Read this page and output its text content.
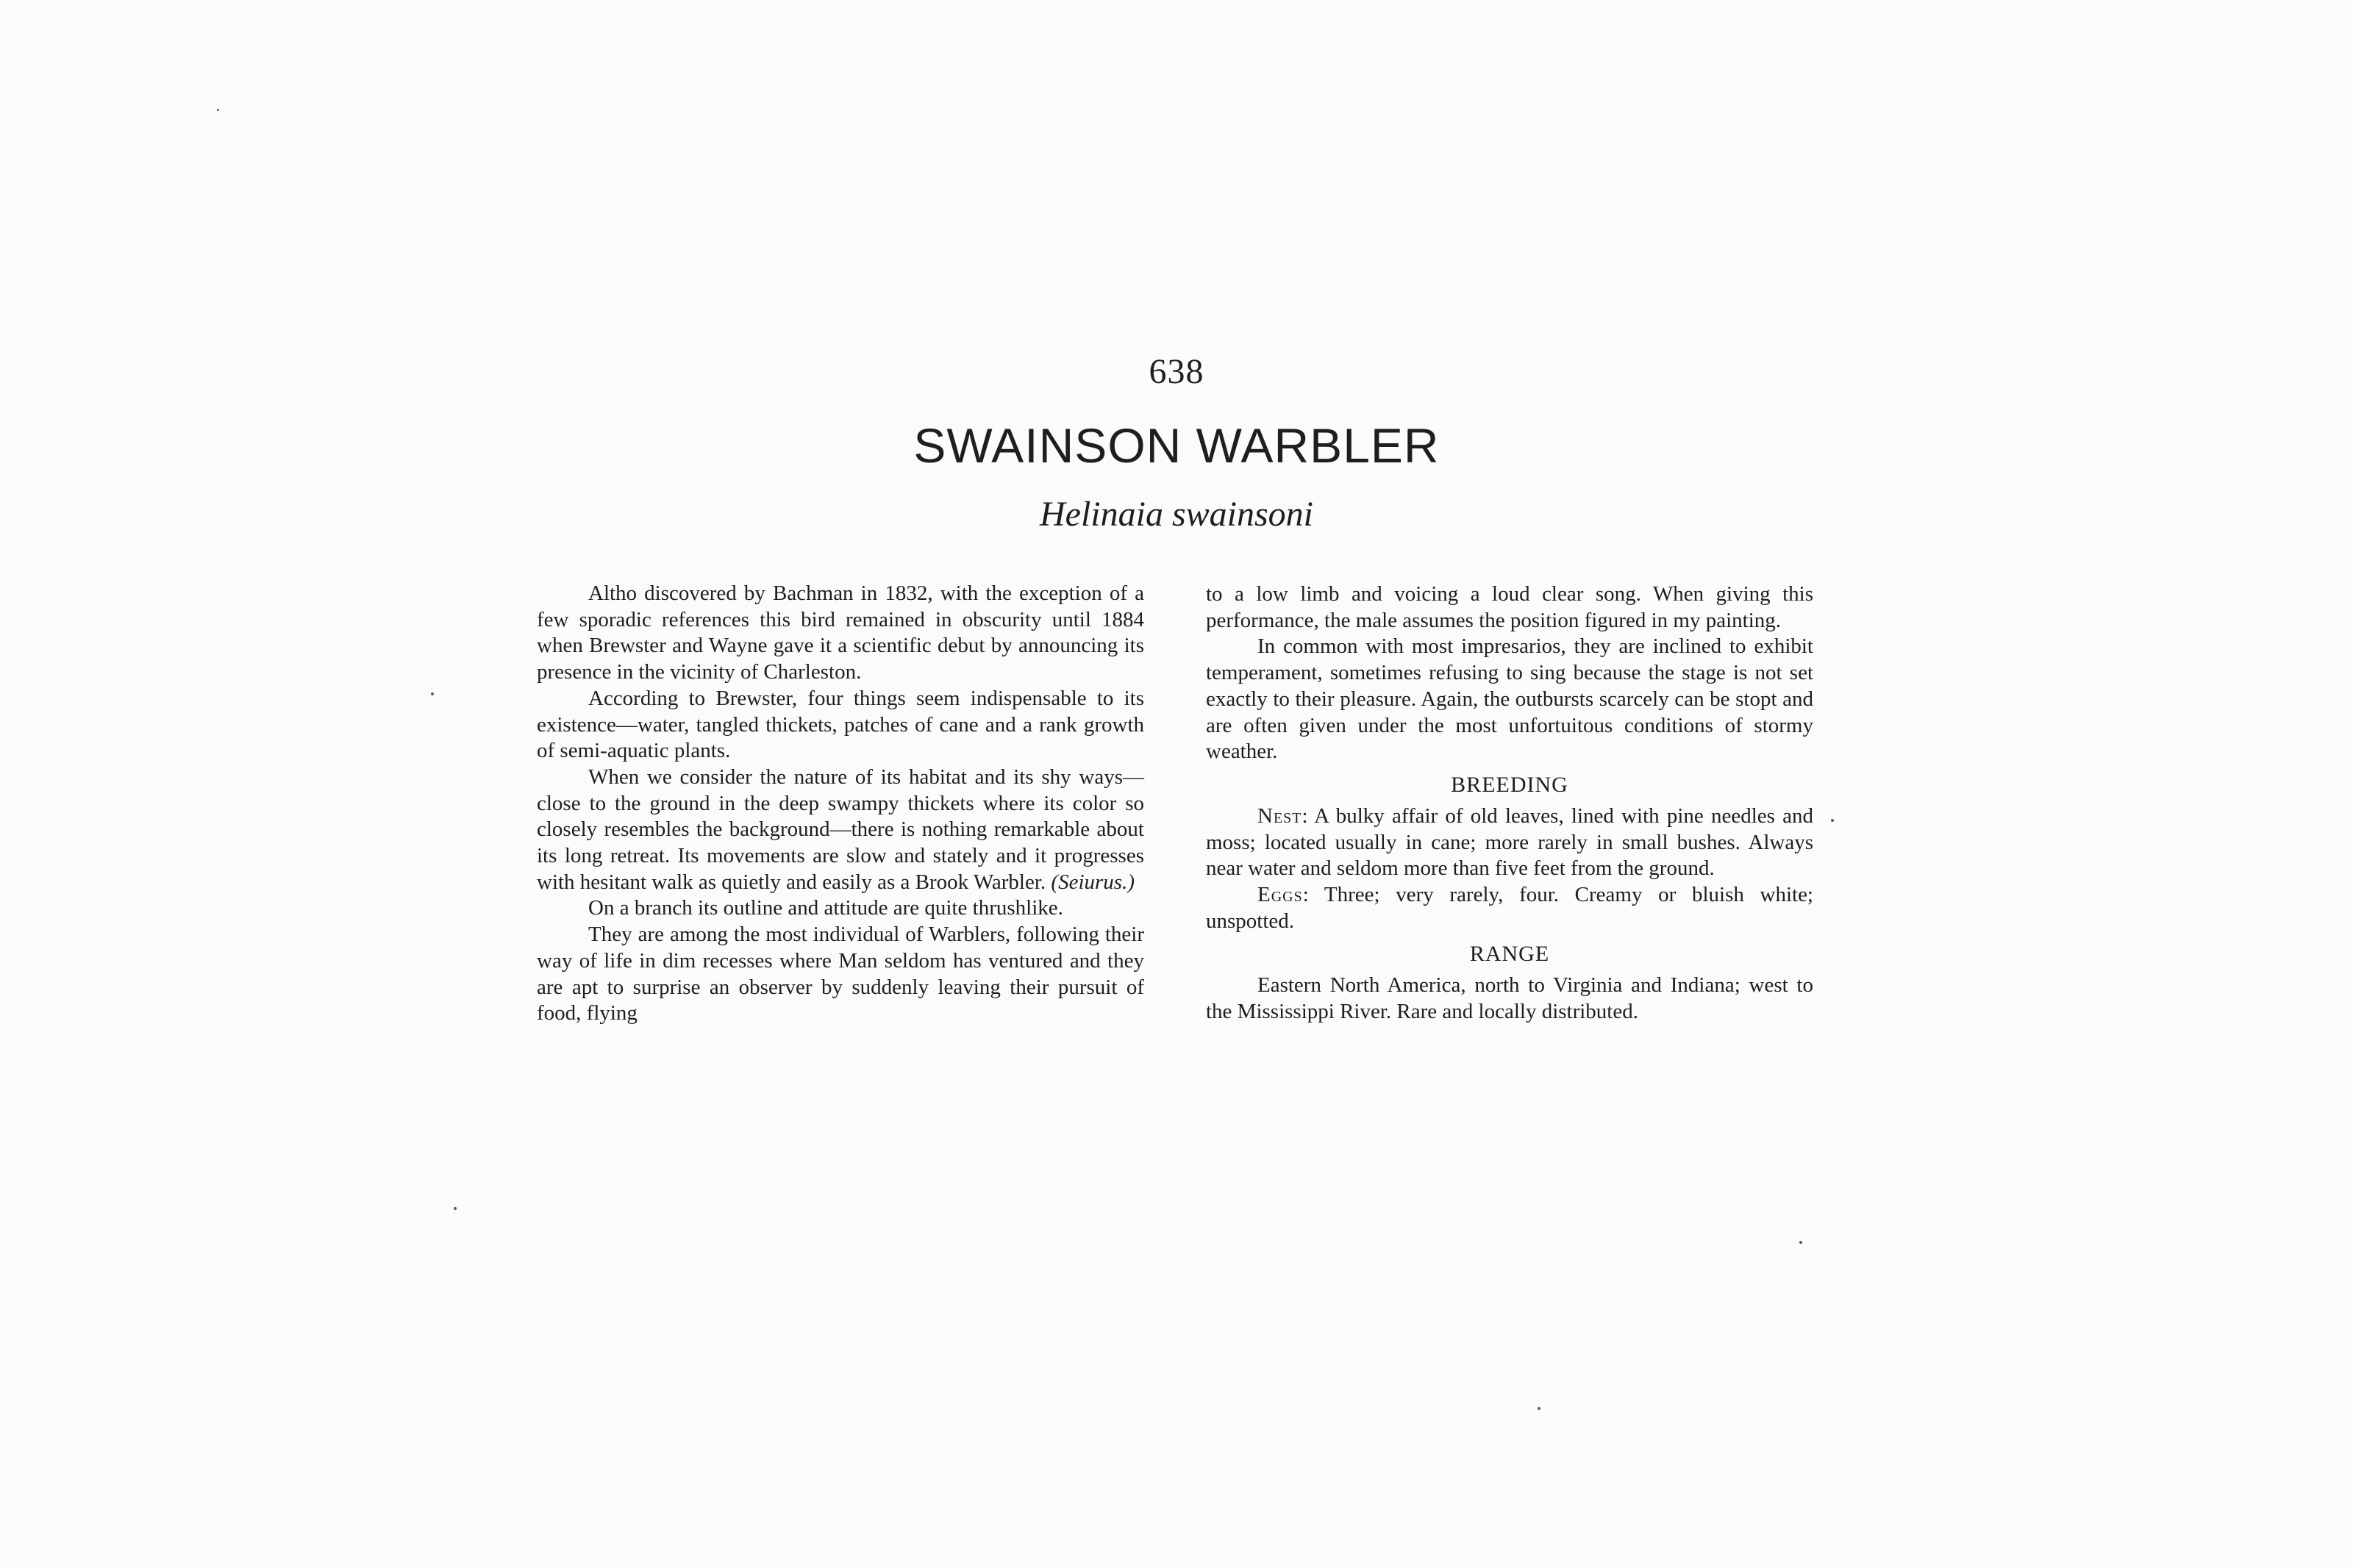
638
SWAINSON WARBLER
Helinaia swainsoni

Altho discovered by Bachman in 1832, with the exception of a few sporadic references this bird remained in obscurity until 1884 when Brewster and Wayne gave it a scientific debut by announcing its presence in the vicinity of Charleston.

According to Brewster, four things seem indispensable to its existence—water, tangled thickets, patches of cane and a rank growth of semi-aquatic plants.

When we consider the nature of its habitat and its shy ways—close to the ground in the deep swampy thickets where its color so closely resembles the background—there is nothing remarkable about its long retreat. Its movements are slow and stately and it progresses with hesitant walk as quietly and easily as a Brook Warbler. (Seiurus.)

On a branch its outline and attitude are quite thrushlike.

They are among the most individual of Warblers, following their way of life in dim recesses where Man seldom has ventured and they are apt to surprise an observer by suddenly leaving their pursuit of food, flying

to a low limb and voicing a loud clear song. When giving this performance, the male assumes the position figured in my painting.

In common with most impresarios, they are inclined to exhibit temperament, sometimes refusing to sing because the stage is not set exactly to their pleasure. Again, the outbursts scarcely can be stopt and are often given under the most unfortuitous conditions of stormy weather.

BREEDING

Nest: A bulky affair of old leaves, lined with pine needles and moss; located usually in cane; more rarely in small bushes. Always near water and seldom more than five feet from the ground.

Eggs: Three; very rarely, four. Creamy or bluish white; unspotted.

RANGE

Eastern North America, north to Virginia and Indiana; west to the Mississippi River. Rare and locally distributed.
